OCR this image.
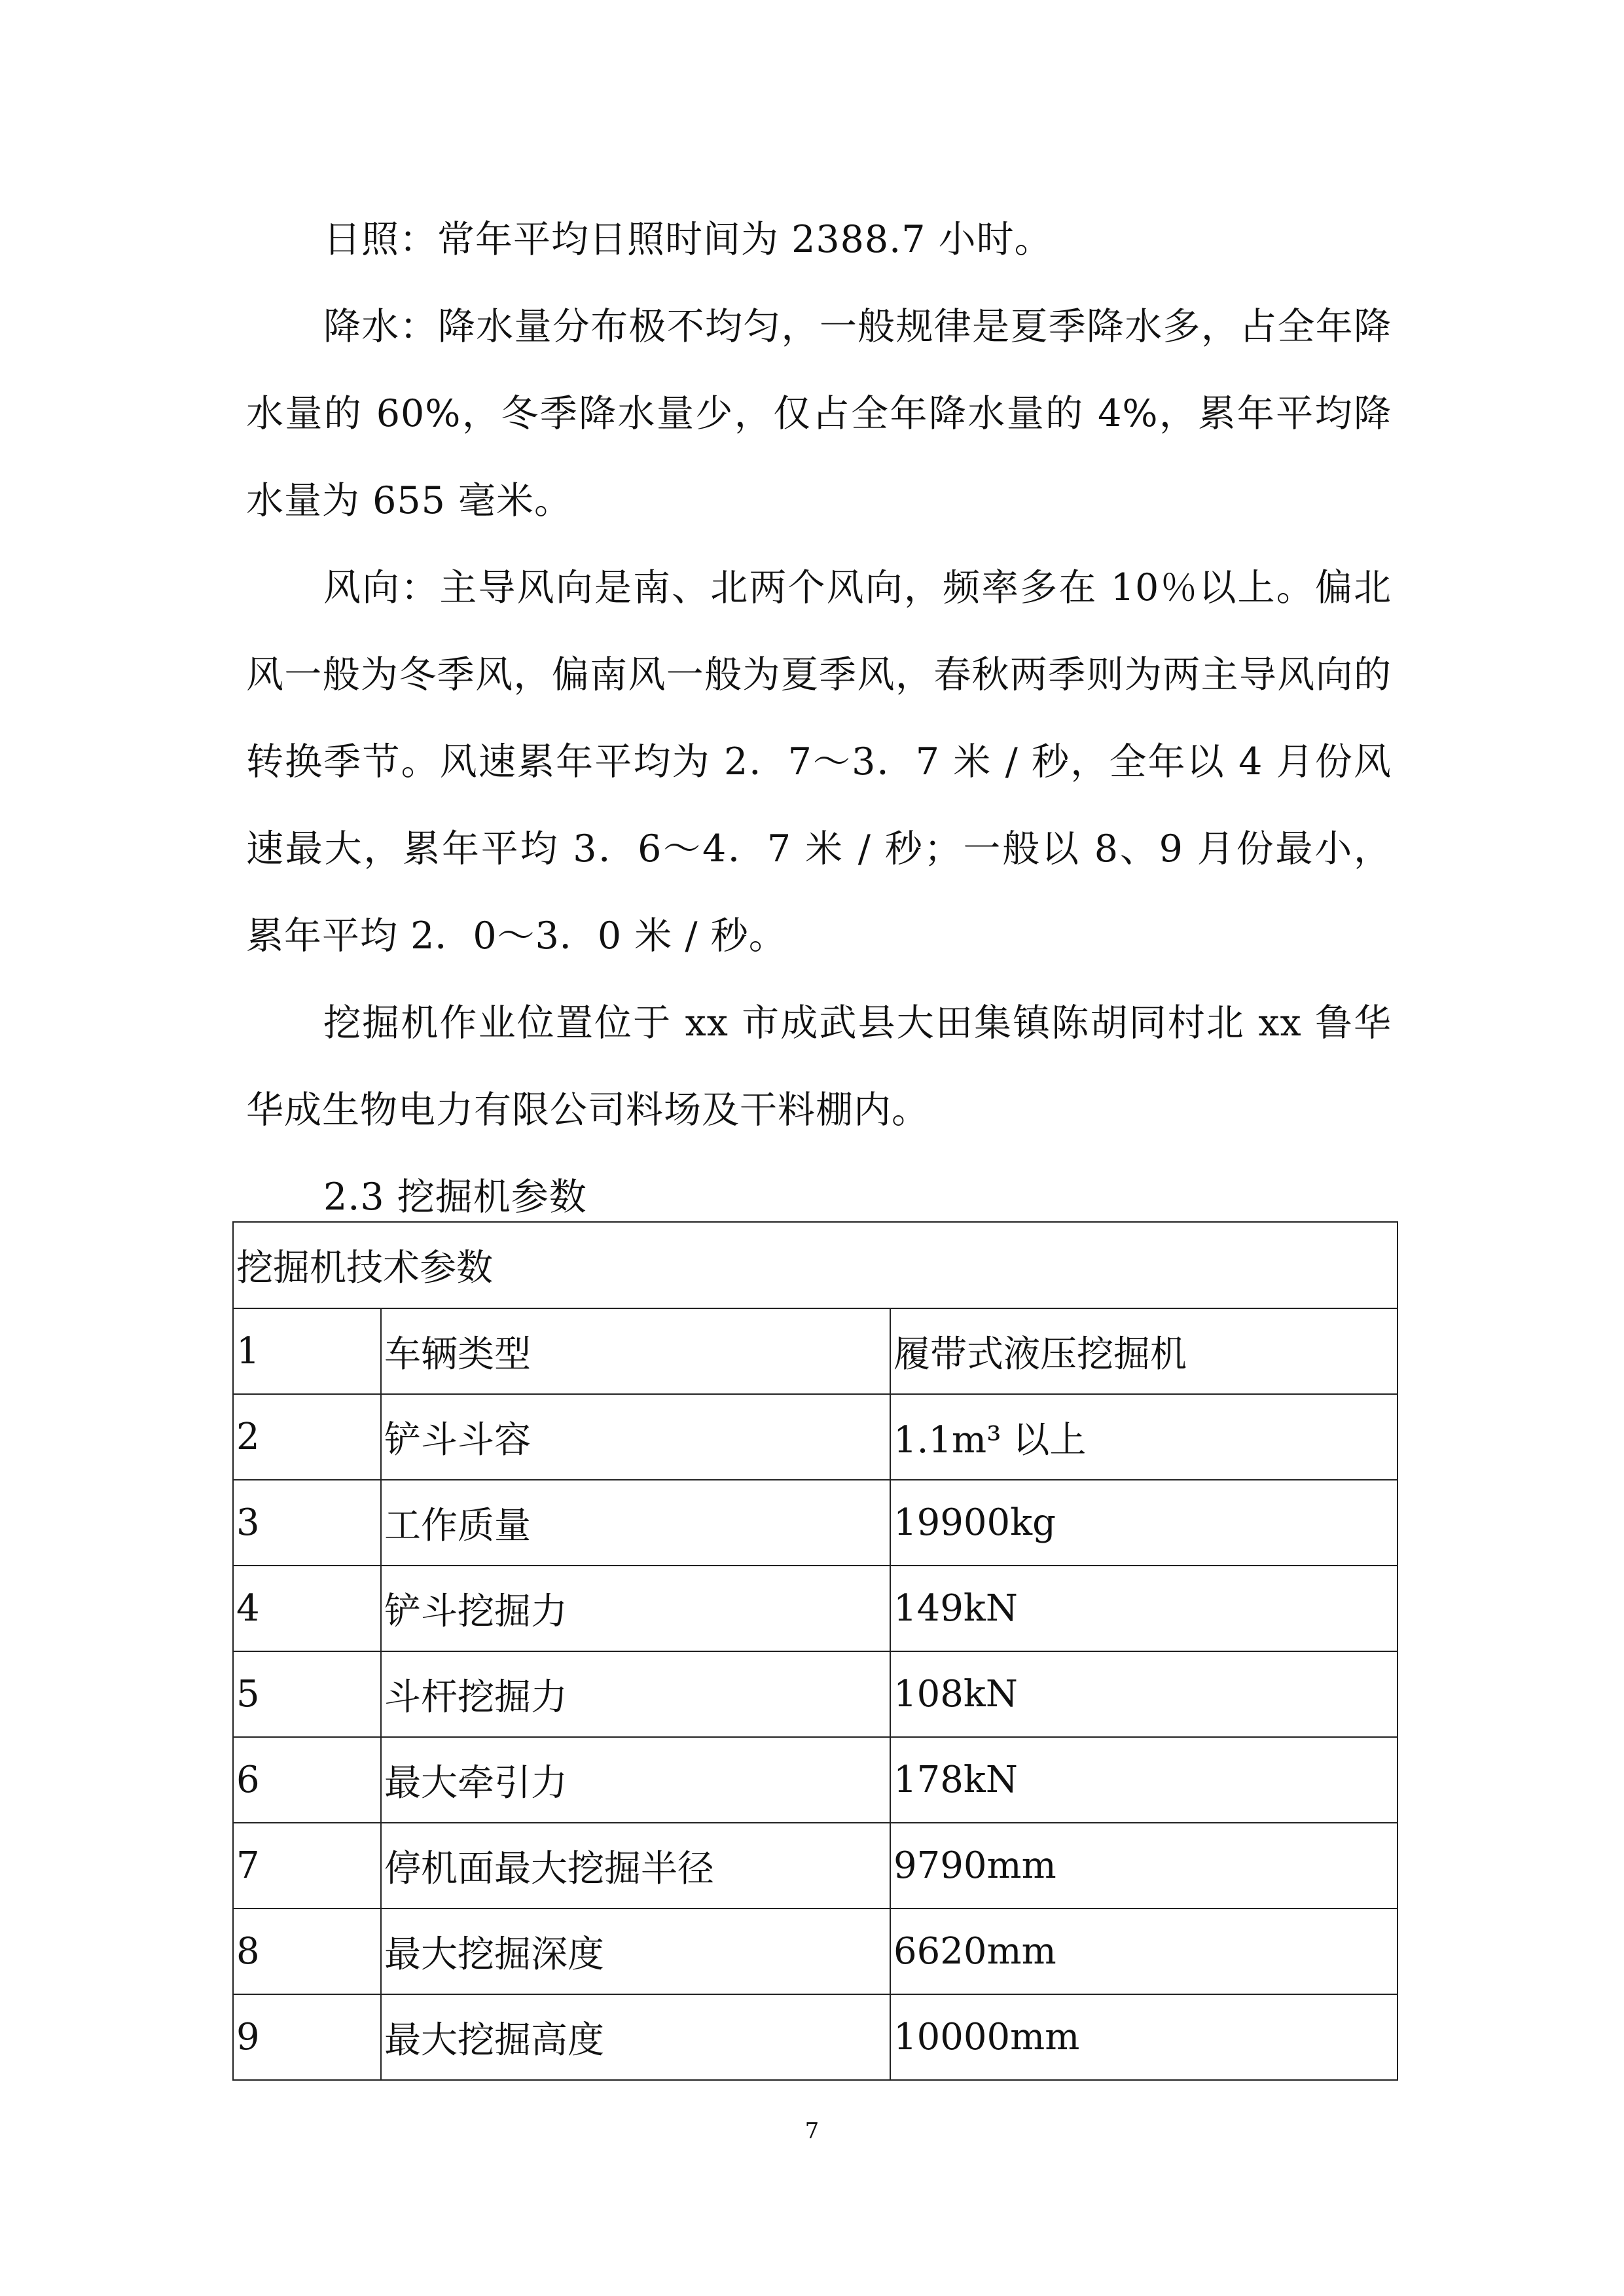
日照：常年平均日照时间为 2388.7 小时。

降水：降水量分布极不均匀，一般规律是夏季降水多，占全年降水量的 60%，冬季降水量少，仅占全年降水量的 4%，累年平均降水量为 655 毫米。

风向：主导风向是南、北两个风向，频率多在 10％以上。偏北风一般为冬季风，偏南风一般为夏季风，春秋两季则为两主导风向的转换季节。风速累年平均为 2．7～3．7 米 / 秒，全年以 4 月份风速最大，累年平均 3．6～4．7 米 / 秒；一般以 8、9 月份最小，累年平均 2．0～3．0 米 / 秒。

挖掘机作业位置位于 xx 市成武县大田集镇陈胡同村北 xx 鲁华华成生物电力有限公司料场及干料棚内。

2.3 挖掘机参数
挖掘机技术参数		
1	车辆类型	履带式液压挖掘机
2	铲斗斗容	1.1m³ 以上
3	工作质量	19900kg
4	铲斗挖掘力	149kN
5	斗杆挖掘力	108kN
6	最大牵引力	178kN
7	停机面最大挖掘半径	9790mm
8	最大挖掘深度	6620mm
9	最大挖掘高度	10000mm
7
